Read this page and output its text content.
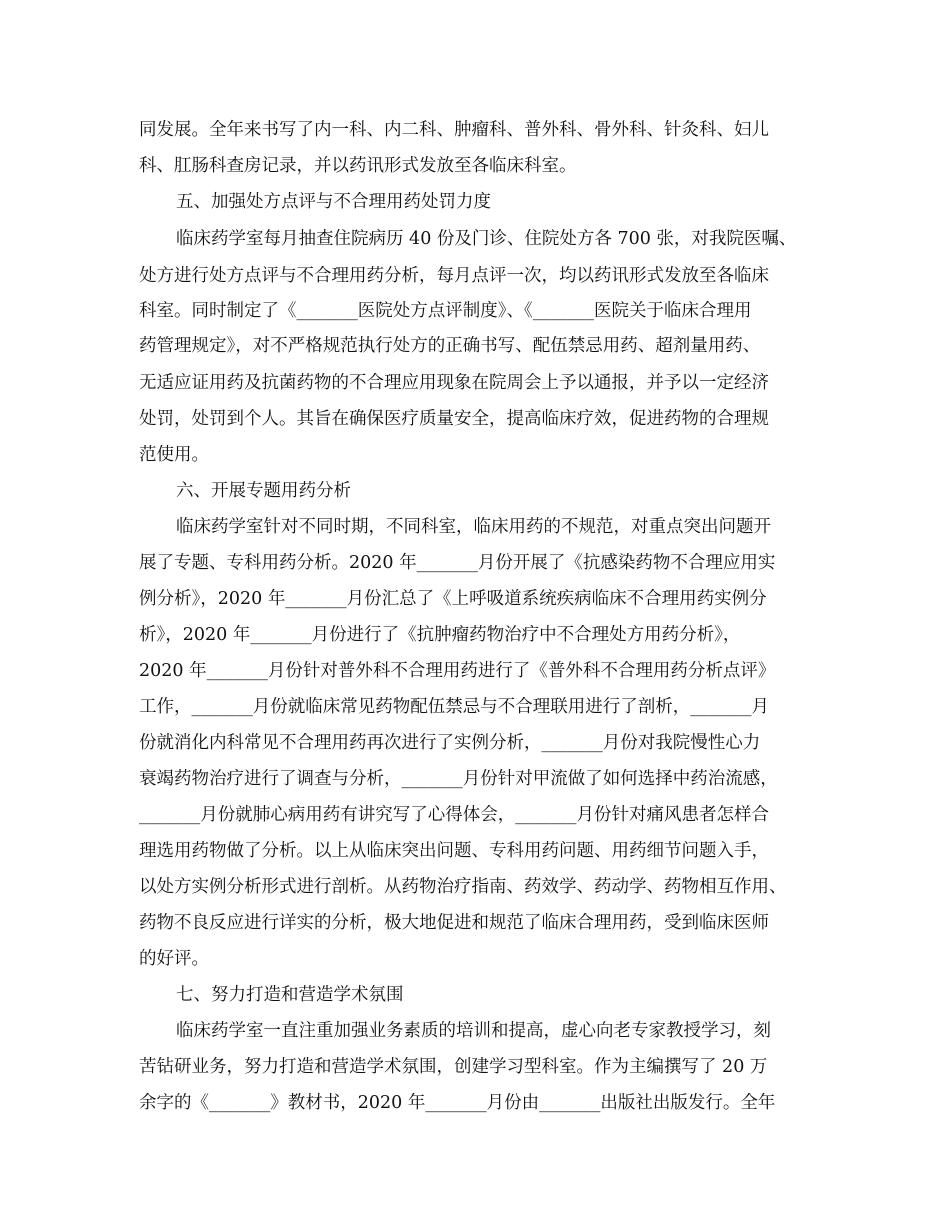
同发展。全年来书写了内一科、内二科、肿瘤科、普外科、骨外科、针灸科、妇儿
科、肛肠科查房记录，并以药讯形式发放至各临床科室。
五、加强处方点评与不合理用药处罚力度
临床药学室每月抽查住院病历 40 份及门诊、住院处方各 700 张，对我院医嘱、
处方进行处方点评与不合理用药分析，每月点评一次，均以药讯形式发放至各临床
科室。同时制定了《_______医院处方点评制度》、《_______医院关于临床合理用
药管理规定》，对不严格规范执行处方的正确书写、配伍禁忌用药、超剂量用药、
无适应证用药及抗菌药物的不合理应用现象在院周会上予以通报，并予以一定经济
处罚，处罚到个人。其旨在确保医疗质量安全，提高临床疗效，促进药物的合理规
范使用。
六、开展专题用药分析
临床药学室针对不同时期，不同科室，临床用药的不规范，对重点突出问题开
展了专题、专科用药分析。2020 年_______月份开展了《抗感染药物不合理应用实
例分析》，2020 年_______月份汇总了《上呼吸道系统疾病临床不合理用药实例分
析》，2020 年_______月份进行了《抗肿瘤药物治疗中不合理处方用药分析》，
2020 年_______月份针对普外科不合理用药进行了《普外科不合理用药分析点评》
工作，_______月份就临床常见药物配伍禁忌与不合理联用进行了剖析，_______月
份就消化内科常见不合理用药再次进行了实例分析，_______月份对我院慢性心力
衰竭药物治疗进行了调查与分析，_______月份针对甲流做了如何选择中药治流感，
_______月份就肺心病用药有讲究写了心得体会，_______月份针对痛风患者怎样合
理选用药物做了分析。以上从临床突出问题、专科用药问题、用药细节问题入手，
以处方实例分析形式进行剖析。从药物治疗指南、药效学、药动学、药物相互作用、
药物不良反应进行详实的分析，极大地促进和规范了临床合理用药，受到临床医师
的好评。
七、努力打造和营造学术氛围
临床药学室一直注重加强业务素质的培训和提高，虚心向老专家教授学习，刻
苦钻研业务，努力打造和营造学术氛围，创建学习型科室。作为主编撰写了 20 万
余字的《_______》教材书，2020 年_______月份由_______出版社出版发行。全年
